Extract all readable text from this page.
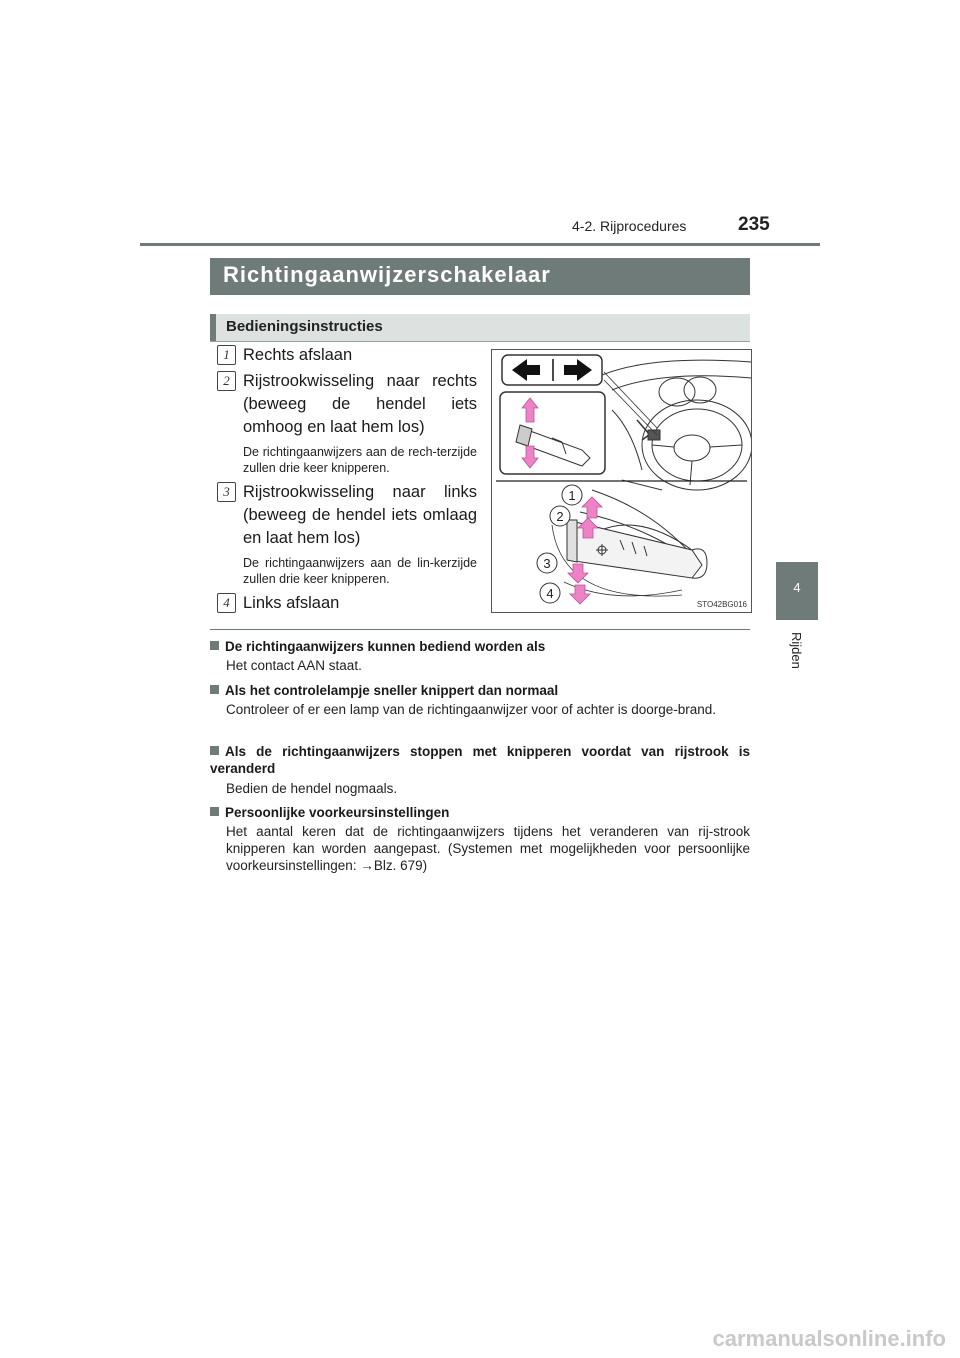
4-2. Rijprocedures	235
4
Rijden
Richtingaanwijzerschakelaar
Bedieningsinstructies
1 Rechts afslaan
2 Rijstrookwisseling naar rechts (beweeg de hendel iets omhoog en laat hem los)
De richtingaanwijzers aan de rech-terzijde zullen drie keer knipperen.
3 Rijstrookwisseling naar links (beweeg de hendel iets omlaag en laat hem los)
De richtingaanwijzers aan de lin-kerzijde zullen drie keer knipperen.
4 Links afslaan
1
2
3
4
STO42BG016
De richtingaanwijzers kunnen bediend worden als
Het contact AAN staat.
Als het controlelampje sneller knippert dan normaal
Controleer of er een lamp van de richtingaanwijzer voor of achter is doorge-brand.
Als de richtingaanwijzers stoppen met knipperen voordat van rijstrook is veranderd
Bedien de hendel nogmaals.
Persoonlijke voorkeursinstellingen
Het aantal keren dat de richtingaanwijzers tijdens het veranderen van rij-strook knipperen kan worden aangepast. (Systemen met mogelijkheden voor persoonlijke voorkeursinstellingen: →Blz. 679)
carmanualsonline.info
